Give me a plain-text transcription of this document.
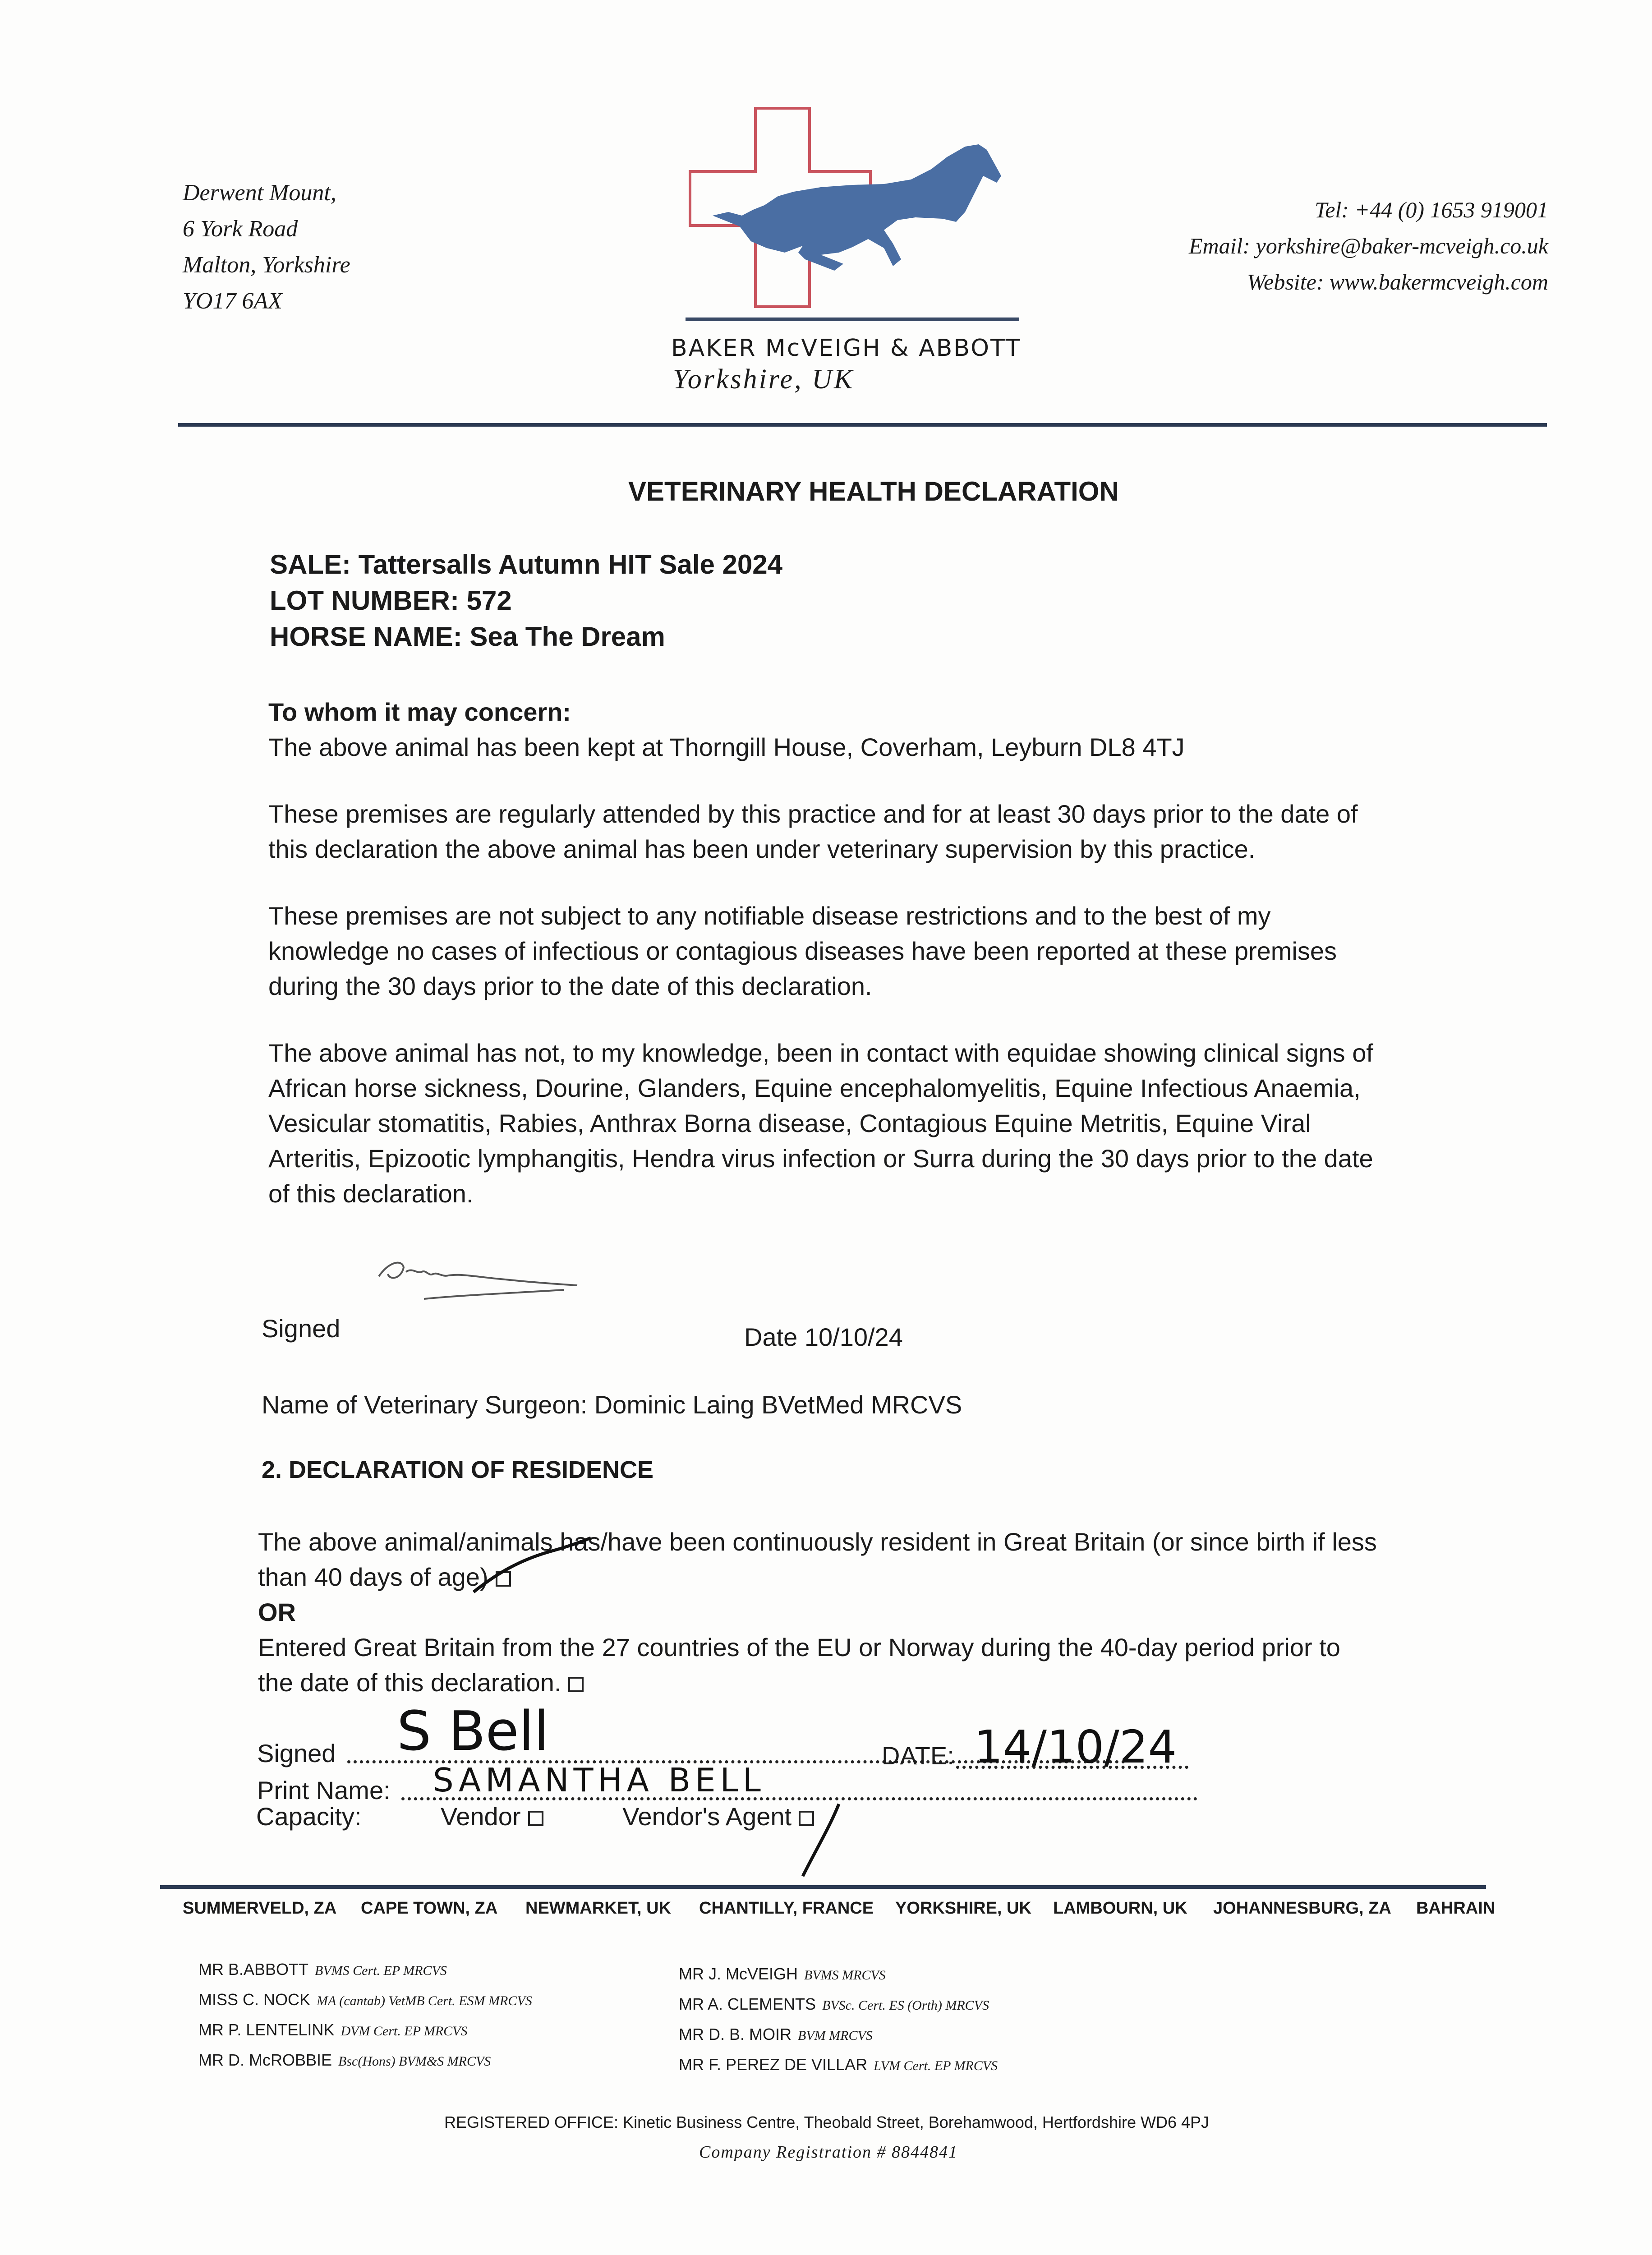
Derwent Mount,
6 York Road
Malton, Yorkshire
YO17 6AX
BAKER McVEIGH & ABBOTT
Yorkshire, UK
Tel: +44 (0) 1653 919001
Email: yorkshire@baker-mcveigh.co.uk
Website: www.bakermcveigh.com
VETERINARY HEALTH DECLARATION
SALE: Tattersalls Autumn HIT Sale 2024
LOT NUMBER: 572
HORSE NAME: Sea The Dream

To whom it may concern:

The above animal has been kept at Thorngill House, Coverham, Leyburn DL8 4TJ

These premises are regularly attended by this practice and for at least 30 days prior to the date of

this declaration the above animal has been under veterinary supervision by this practice.

These premises are not subject to any notifiable disease restrictions and to the best of my

knowledge no cases of infectious or contagious diseases have been reported at these premises

during the 30 days prior to the date of this declaration.

The above animal has not, to my knowledge, been in contact with equidae showing clinical signs of

African horse sickness, Dourine, Glanders, Equine encephalomyelitis, Equine Infectious Anaemia,

Vesicular stomatitis, Rabies, Anthrax Borna disease, Contagious Equine Metritis, Equine Viral

Arteritis, Epizootic lymphangitis, Hendra virus infection or Surra during the 30 days prior to the date

of this declaration.

Signed	Date 10/10/24
Name of Veterinary Surgeon: Dominic Laing BVetMed MRCVS
2. DECLARATION OF RESIDENCE

The above animal/animals has/have been continuously resident in Great Britain (or since birth if less

than 40 days of age)

OR

Entered Great Britain from the 27 countries of the EU or Norway during the 40-day period prior to

the date of this declaration.

Signed S Bell	DATE: 14/10/24
Print Name: SAMANTHA BELL
Capacity:	Vendor	Vendor's Agent
SUMMERVELD, ZA CAPE TOWN, ZA NEWMARKET, UK CHANTILLY, FRANCE YORKSHIRE, UK LAMBOURN, UK JOHANNESBURG, ZA BAHRAIN
MR B.ABBOTT BVMS Cert. EP MRCVS
MISS C. NOCK MA (cantab) VetMB Cert. ESM MRCVS
MR P. LENTELINK DVM Cert. EP MRCVS
MR D. McROBBIE Bsc(Hons) BVM&S MRCVS
MR J. McVEIGH BVMS MRCVS
MR A. CLEMENTS BVSc. Cert. ES (Orth) MRCVS
MR D. B. MOIR BVM MRCVS
MR F. PEREZ DE VILLAR LVM Cert. EP MRCVS
REGISTERED OFFICE: Kinetic Business Centre, Theobald Street, Borehamwood, Hertfordshire WD6 4PJ
Company Registration # 8844841
